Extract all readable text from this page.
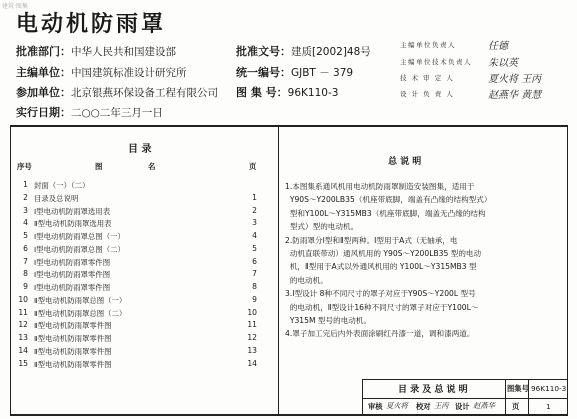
建筑·图集
电动机防雨罩
批准部门：中华人民共和国建设部	批准文号：建质[2002]48号
主编单位：中国建筑标准设计研究所	统一编号：GJBT － 379
参加单位：北京银燕环保设备工程有限公司 图 集 号：96K110-3
实行日期：二○○二年三月一日
主编单位负责人	任德
主编单位技术负责人 朱以英
技 术 审 定 人	夏火将 王丙
设 计 负 责 人	赵燕华 黄慧
目 录
序号	图	名	页
1 封面（一）（二）
2 目录及总说明	1
3 Ⅰ型电动机防雨罩选用表	2
4 Ⅱ型电动机防雨罩选用表	3
5 Ⅰ型电动机防雨罩总图（一）	4
6 Ⅰ型电动机防雨罩总图（二）	5
7 Ⅰ型电动机防雨罩零件图	6
8 Ⅰ型电动机防雨罩零件图	7
9 Ⅰ型电动机防雨罩零件图	8
10 Ⅱ型电动机防雨罩总图（一）	9
11 Ⅱ型电动机防雨罩总图（二）	10
12 Ⅱ型电动机防雨罩零件图	11
13 Ⅱ型电动机防雨罩零件图	12
14 Ⅱ型电动机防雨罩零件图	13
15 Ⅱ型电动机防雨罩零件图	14
总 说 明
1.本图集系通风机用电动机防雨罩制造安装图集，适用于
Y90S～Y200LB35（机座带底脚，端盖有凸缘的结构型式）
型和Y100L～Y315MB3（机座带底脚，端盖无凸缘的结构
型式）型的电动机。
2.防雨罩分Ⅰ型和Ⅱ型两种。Ⅰ型用于A式（无轴承，电
动机直联带动）通风机用的 Y90S～Y200LB35 型的电动
机，Ⅱ型用于A式以外通风机用的 Y100L～Y315MB3 型
的电动机。
3.Ⅰ型设计 8种不同尺寸的罩子对应于Y90S～Y200L 型号
的电动机，Ⅱ型设计16种不同尺寸的罩子对应于Y100L～
Y315M 型号的电动机。
4.罩子加工完后内外表面涂刷红丹漆一道，调和漆两道。
目 录 及 总 说 明	图集号 96K110-3
审核 夏火将 校对 王丙 设计 赵燕华 页	1
